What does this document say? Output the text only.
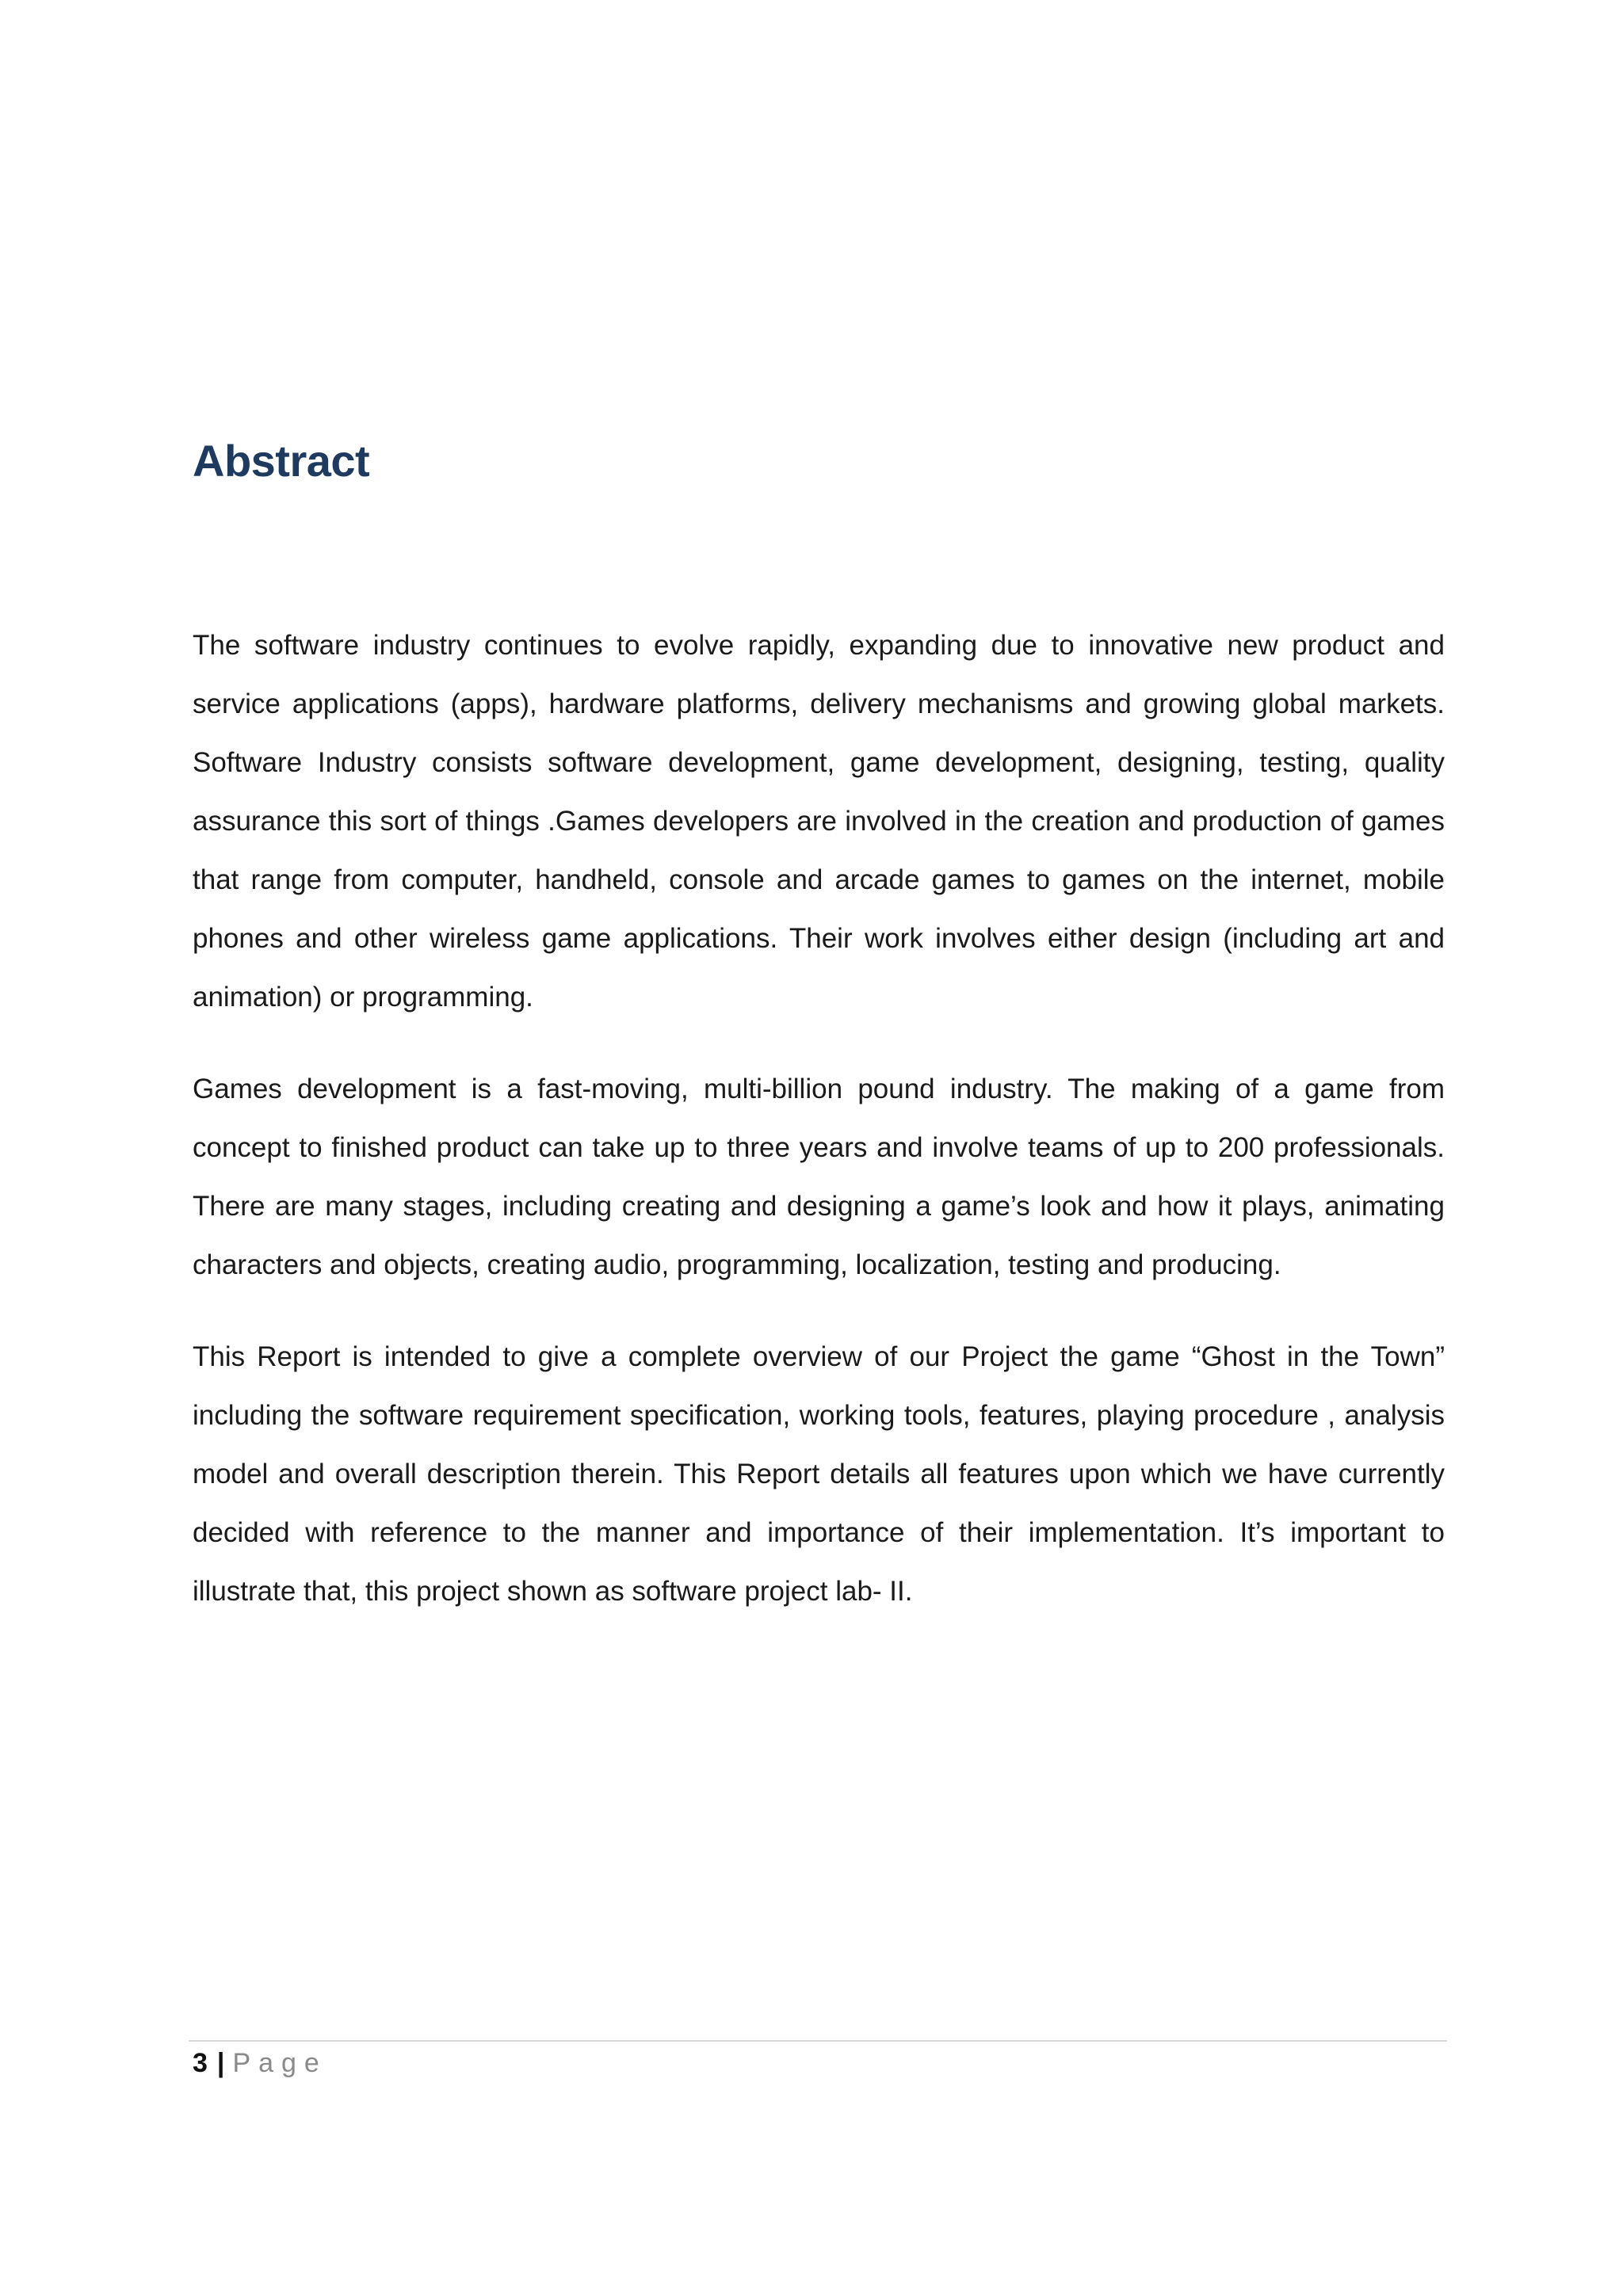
Abstract

The software industry continues to evolve rapidly, expanding due to innovative new product and service applications (apps), hardware platforms, delivery mechanisms and growing global markets. Software Industry consists software development, game development, designing, testing, quality assurance this sort of things .Games developers are involved in the creation and production of games that range from computer, handheld, console and arcade games to games on the internet, mobile phones and other wireless game applications. Their work involves either design (including art and animation) or programming.

Games development is a fast-moving, multi-billion pound industry. The making of a game from concept to finished product can take up to three years and involve teams of up to 200 professionals. There are many stages, including creating and designing a game’s look and how it plays, animating characters and objects, creating audio, programming, localization, testing and producing.

This Report is intended to give a complete overview of our Project the game “Ghost in the Town” including the software requirement specification, working tools, features, playing procedure , analysis model and overall description therein. This Report details all features upon which we have currently decided with reference to the manner and importance of their implementation. It’s important to illustrate that, this project shown as software project lab- II.

3 | Page
